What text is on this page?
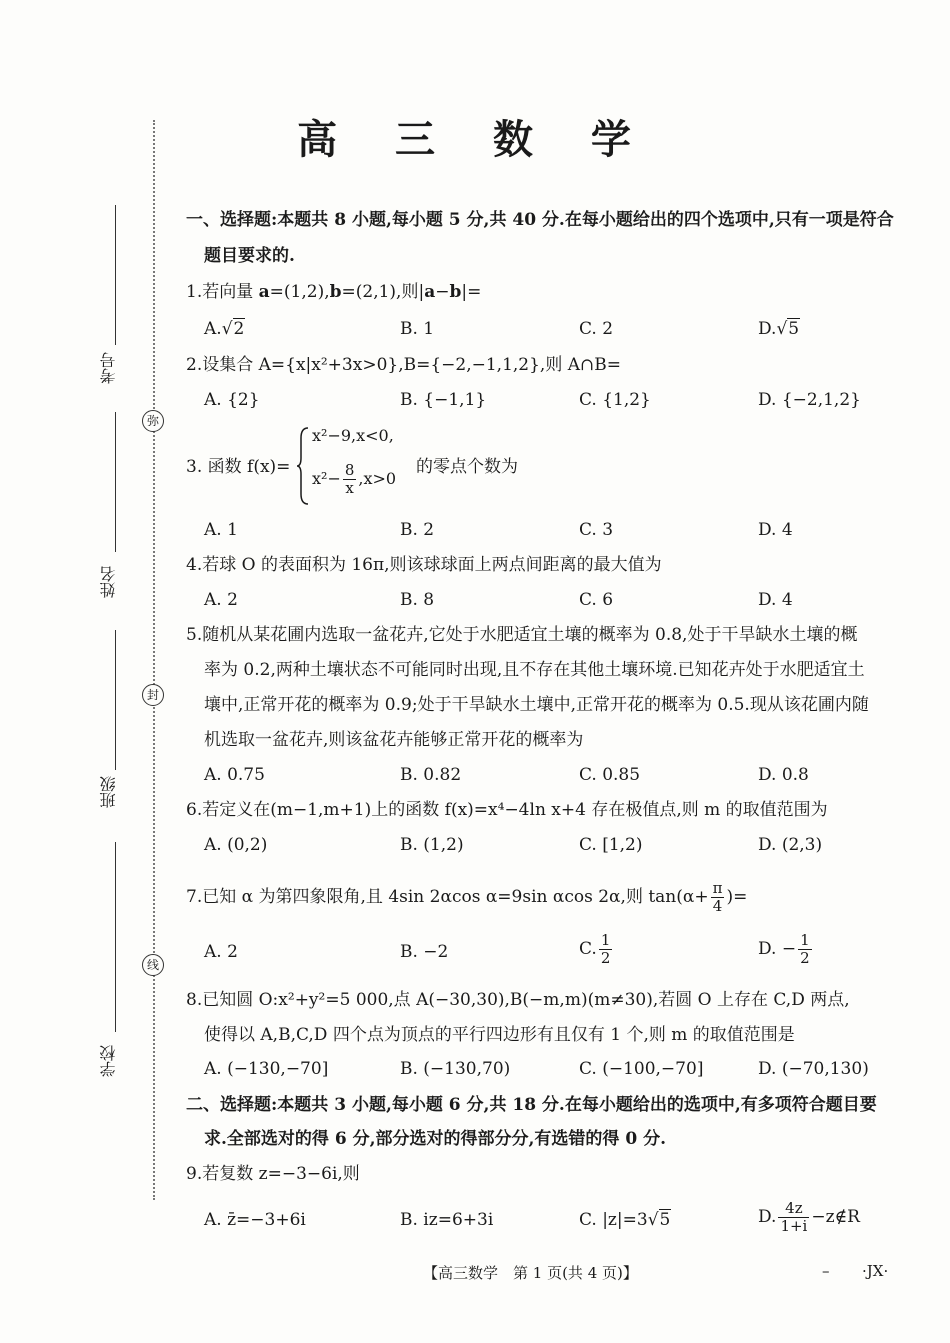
考号
姓名
班级
学校
弥
封
线
高 三 数 学
一、选择题:本题共 8 小题,每小题 5 分,共 40 分.在每小题给出的四个选项中,只有一项是符合
题目要求的.
1.若向量 a=(1,2),b=(2,1),则|a−b|=
A.√2	B. 1	C. 2	D.√5
2.设集合 A={x|x²+3x>0},B={−2,−1,1,2},则 A∩B=
A. {2}	B. {−1,1}	C. {1,2}	D. {−2,1,2}
3. 函数 f(x)=
x²−9,x<0,
$x^2- \frac{8}{x} ,x>0$
的零点个数为
A. 1	B. 2	C. 3	D. 4
4.若球 O 的表面积为 16π,则该球球面上两点间距离的最大值为
A. 2	B. 8	C. 6	D. 4
5.随机从某花圃内选取一盆花卉,它处于水肥适宜土壤的概率为 0.8,处于干旱缺水土壤的概
率为 0.2,两种土壤状态不可能同时出现,且不存在其他土壤环境.已知花卉处于水肥适宜土
壤中,正常开花的概率为 0.9;处于干旱缺水土壤中,正常开花的概率为 0.5.现从该花圃内随
机选取一盆花卉,则该盆花卉能够正常开花的概率为
A. 0.75	B. 0.82	C. 0.85	D. 0.8
6.若定义在(m−1,m+1)上的函数 f(x)=x⁴−4ln x+4 存在极值点,则 m 的取值范围为
A. (0,2)	B. (1,2)	C. [1,2)	D. (2,3)
7.已知 α 为第四象限角,且 4sin 2αcos α=9sin αcos 2α,则 $\tan(\alpha+ \frac{\pi}{4}$ )=
A. 2	B. −2	C. $\frac{1}{2}$	D. − $\frac{1}{2}$
8.已知圆 O:x²+y²=5 000,点 A(−30,30),B(−m,m)(m≠30),若圆 O 上存在 C,D 两点,
使得以 A,B,C,D 四个点为顶点的平行四边形有且仅有 1 个,则 m 的取值范围是
A. (−130,−70]	B. (−130,70)	C. (−100,−70]	D. (−70,130)
二、选择题:本题共 3 小题,每小题 6 分,共 18 分.在每小题给出的选项中,有多项符合题目要
求.全部选对的得 6 分,部分选对的得部分分,有选错的得 0 分.
9.若复数 z=−3−6i,则
A. z̄=−3+6i	B. iz=6+3i	C. |z|=3√5	D. $\frac{4z}{1+i}$ −z∉R
【高三数学　第 1 页(共 4 页)】	– ·JX·
